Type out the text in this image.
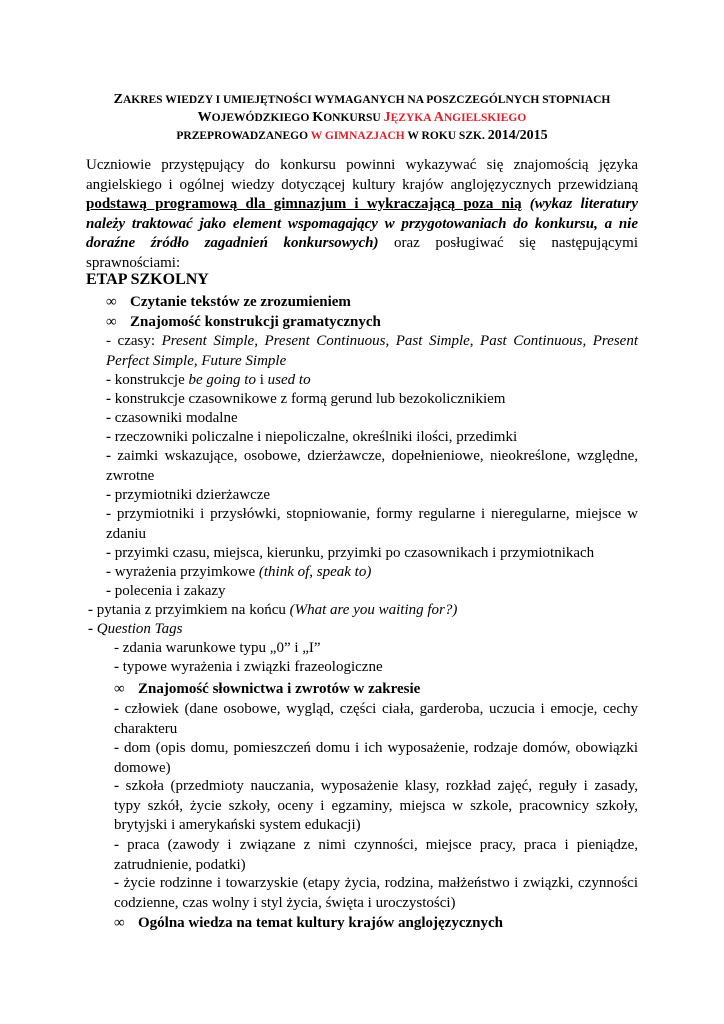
ZAKRES WIEDZY I UMIEJĘTNOŚCI WYMAGANYCH NA POSZCZEGÓLNYCH STOPNIACH
WOJEWÓDZKIEGO KONKURSU JĘZYKA ANGIELSKIEGO
PRZEPROWADZANEGO W GIMNAZJACH W ROKU SZK. 2014/2015
Uczniowie przystępujący do konkursu powinni wykazywać się znajomością języka angielskiego i ogólnej wiedzy dotyczącej kultury krajów anglojęzycznych przewidzianą podstawą programową dla gimnazjum i wykraczającą poza nią (wykaz literatury należy traktować jako element wspomagający w przygotowaniach do konkursu, a nie doraźne źródło zagadnień konkursowych) oraz posługiwać się następującymi sprawnościami:
ETAP SZKOLNY
∞ Czytanie tekstów ze zrozumieniem
∞ Znajomość konstrukcji gramatycznych
- czasy: Present Simple, Present Continuous, Past Simple, Past Continuous, Present Perfect Simple, Future Simple
- konstrukcje be going to i used to
- konstrukcje czasownikowe z formą gerund lub bezokolicznikiem
- czasowniki modalne
- rzeczowniki policzalne i niepoliczalne, określniki ilości, przedimki
- zaimki wskazujące, osobowe, dzierżawcze, dopełnieniowe, nieokreślone, względne, zwrotne
- przymiotniki dzierżawcze
- przymiotniki i przysłówki, stopniowanie, formy regularne i nieregularne, miejsce w zdaniu
- przyimki czasu, miejsca, kierunku, przyimki po czasownikach i przymiotnikach
- wyrażenia przyimkowe (think of, speak to)
- polecenia i zakazy
- pytania z przyimkiem na końcu (What are you waiting for?)
- Question Tags
- zdania warunkowe typu „0” i „I”
- typowe wyrażenia i związki frazeologiczne
∞ Znajomość słownictwa i zwrotów w zakresie
- człowiek (dane osobowe, wygląd, części ciała, garderoba, uczucia i emocje, cechy charakteru
- dom (opis domu, pomieszczeń domu i ich wyposażenie, rodzaje domów, obowiązki domowe)
- szkoła (przedmioty nauczania, wyposażenie klasy, rozkład zajęć, reguły i zasady, typy szkół, życie szkoły, oceny i egzaminy, miejsca w szkole, pracownicy szkoły, brytyjski i amerykański system edukacji)
- praca (zawody i związane z nimi czynności, miejsce pracy, praca i pieniądze, zatrudnienie, podatki)
- życie rodzinne i towarzyskie (etapy życia, rodzina, małżeństwo i związki, czynności codzienne, czas wolny i styl życia, święta i uroczystości)
∞ Ogólna wiedza na temat kultury krajów anglojęzycznych
